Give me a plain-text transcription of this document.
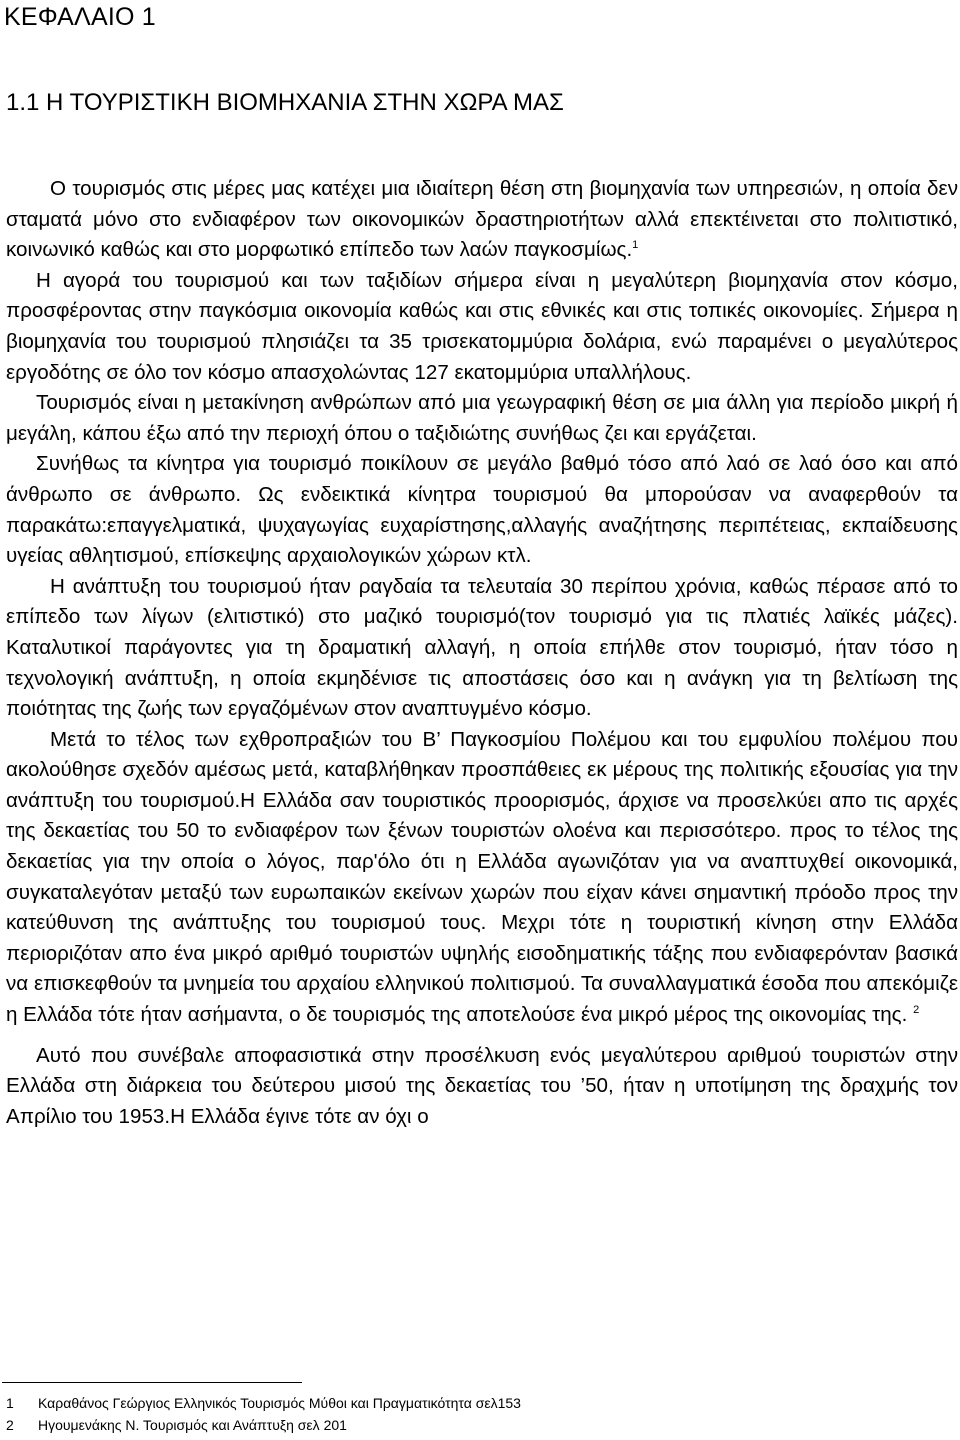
ΚΕΦΑΛΑΙΟ 1
1.1 Η ΤΟΥΡΙΣΤΙΚΗ ΒΙΟΜΗΧΑΝΙΑ ΣΤΗΝ ΧΩΡΑ ΜΑΣ

Ο τουρισμός στις μέρες μας κατέχει μια ιδιαίτερη θέση στη βιομηχανία των υπηρεσιών, η οποία δεν σταματά μόνο στο ενδιαφέρον των οικονομικών δραστηριοτήτων αλλά επεκτέινεται στο πολιτιστικό, κοινωνικό καθώς και στο μορφωτικό επίπεδο των λαών παγκοσμίως.$^1$

Η αγορά του τουρισμού και των ταξιδίων σήμερα είναι η μεγαλύτερη βιομηχανία στον κόσμο, προσφέροντας στην παγκόσμια οικονομία καθώς και στις εθνικές και στις τοπικές οικονομίες. Σήμερα η βιομηχανία του τουρισμού πλησιάζει τα 35 τρισεκατομμύρια δολάρια, ενώ παραμένει ο μεγαλύτερος εργοδότης σε όλο τον κόσμο απασχολώντας 127 εκατομμύρια υπαλλήλους.

Τουρισμός είναι η μετακίνηση ανθρώπων από μια γεωγραφική θέση σε μια άλλη για περίοδο μικρή ή μεγάλη, κάπου έξω από την περιοχή όπου ο ταξιδιώτης συνήθως ζει και εργάζεται.

Συνήθως τα κίνητρα για τουρισμό ποικίλουν σε μεγάλο βαθμό τόσο από λαό σε λαό όσο και από άνθρωπο σε άνθρωπο. Ως ενδεικτικά κίνητρα τουρισμού θα μπορούσαν να αναφερθούν τα παρακάτω:επαγγελματικά, ψυχαγωγίας ευχαρίστησης,αλλαγής αναζήτησης περιπέτειας, εκπαίδευσης υγείας αθλητισμού, επίσκεψης αρχαιολογικών χώρων κτλ.

Η ανάπτυξη του τουρισμού ήταν ραγδαία τα τελευταία 30 περίπου χρόνια, καθώς πέρασε από το επίπεδο των λίγων (ελιτιστικό) στο μαζικό τουρισμό(τον τουρισμό για τις πλατιές λαϊκές μάζες). Καταλυτικοί παράγοντες για τη δραματική αλλαγή, η οποία επήλθε στον τουρισμό, ήταν τόσο η τεχνολογική ανάπτυξη, η οποία εκμηδένισε τις αποστάσεις όσο και η ανάγκη για τη βελτίωση της ποιότητας της ζωής των εργαζόμένων στον αναπτυγμένο κόσμο.

Μετά το τέλος των εχθροπραξιών του Β’ Παγκοσμίου Πολέμου και του εμφυλίου πολέμου που ακολούθησε σχεδόν αμέσως μετά, καταβλήθηκαν προσπάθειες εκ μέρους της πολιτικής εξουσίας για την ανάπτυξη του τουρισμού.Η Ελλάδα σαν τουριστικός προορισμός, άρχισε να προσελκύει απο τις αρχές της δεκαετίας του 50 το ενδιαφέρον των ξένων τουριστών ολοένα και περισσότερο. προς το τέλος της δεκαετίας για την οποία ο λόγος, παρ'όλο ότι η Ελλάδα αγωνιζόταν για να αναπτυχθεί οικονομικά, συγκαταλεγόταν μεταξύ των ευρωπαικών εκείνων χωρών που είχαν κάνει σημαντική πρόοδο προς την κατεύθυνση της ανάπτυξης του τουρισμού τους. Μεχρι τότε η τουριστική κίνηση στην Ελλάδα περιοριζόταν απο ένα μικρό αριθμό τουριστών υψηλής εισοδηματικής τάξης που ενδιαφερόνταν βασικά να επισκεφθούν τα μνημεία του αρχαίου ελληνικού πολιτισμού. Τα συναλλαγματικά έσοδα που απεκόμιζε η Ελλάδα τότε ήταν ασήμαντα, ο δε τουρισμός της αποτελούσε ένα μικρό μέρος της οικονομίας της. $^2$

Αυτό που συνέβαλε αποφασιστικά στην προσέλκυση ενός μεγαλύτερου αριθμού τουριστών στην Ελλάδα στη διάρκεια του δεύτερου μισού της δεκαετίας του ’50, ήταν η υποτίμηση της δραχμής τον Απρίλιο του 1953.Η Ελλάδα έγινε τότε αν όχι ο

1	Καραθάνος Γεώργιος Ελληνικός Τουρισμός Μύθοι και Πραγματικότητα σελ153
2	Ηγουμενάκης Ν. Τουρισμός και Ανάπτυξη σελ 201
